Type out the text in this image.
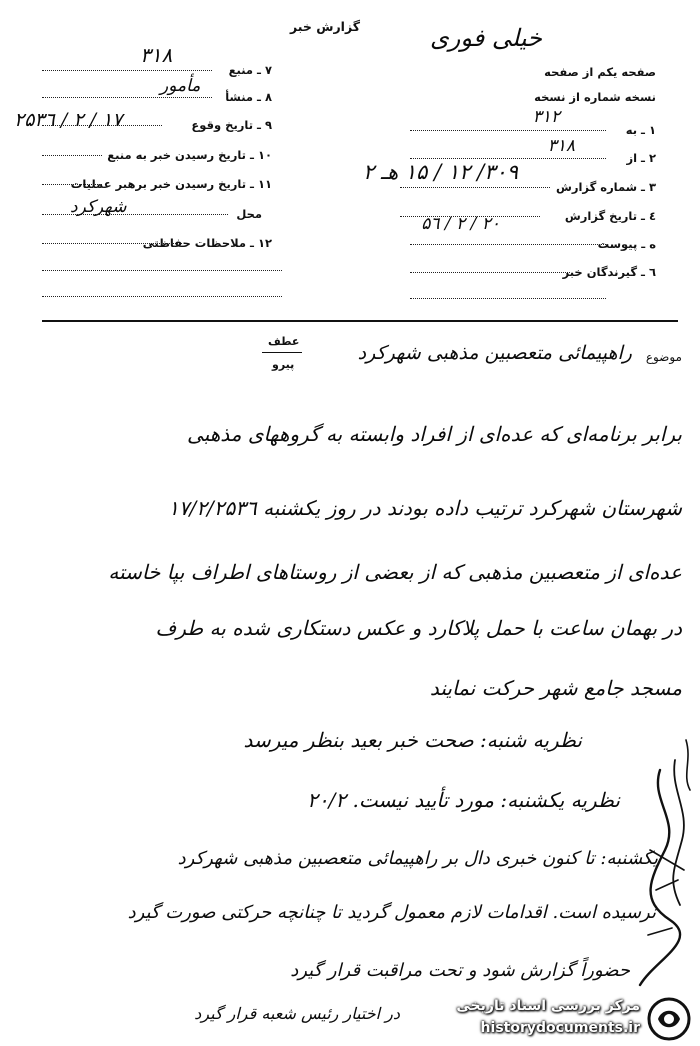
گزارش خبر	خیلی فوری
صفحه یکم از صفحه
نسخه شماره از نسخه
۱ ـ به
۳۱۲
۲ ـ از
۳۱۸
۳ ـ شماره گزارش
۳۰۹/ ۱۲ / ۱۵ هـ ۲
٤ ـ تاریخ گزارش
۲۰ / ۲ / ۵٦
ه ـ پیوست
٦ ـ گیرندگان خبر
۷ ـ منبع
۳۱۸
۸ ـ منشأ
مأمور
۹ ـ تاریخ وقوع
۱۷ / ۲ / ۲۵۳٦
۱۰ ـ تاریخ رسیدن خبر به منبع
۱۱ ـ تاریخ رسیدن خبر برهبر عملیات
محل
شهرکرد
۱۲ ـ ملاحظات حفاظتی
موضوع
راهپیمائی متعصبین مذهبی شهرکرد
عطف
پیرو
برابر برنامه‌ای که عده‌ای از افراد وابسته به گروههای مذهبی
شهرستان شهرکرد ترتیب داده بودند در روز یکشنبه ۱۷/۲/۲۵۳٦
عده‌ای از متعصبین مذهبی که از بعضی از روستاهای اطراف بپا خاسته
در بهمان ساعت با حمل پلاکارد و عکس دستکاری شده به طرف
مسجد جامع شهر حرکت نمایند
نظریه شنبه: صحت خبر بعید بنظر میرسد
نظریه یکشنبه: مورد تأیید نیست. ۲۰/۲
یکشنبه: تا کنون خبری دال بر راهپیمائی متعصبین مذهبی شهرکرد
نرسیده است. اقدامات لازم معمول گردید تا چنانچه حرکتی صورت گیرد
حضوراً گزارش شود و تحت مراقبت قرار گیرد
در اختیار رئیس شعبه قرار گیرد	مرکز بررسی اسناد تاریخی
historydocuments.ir
